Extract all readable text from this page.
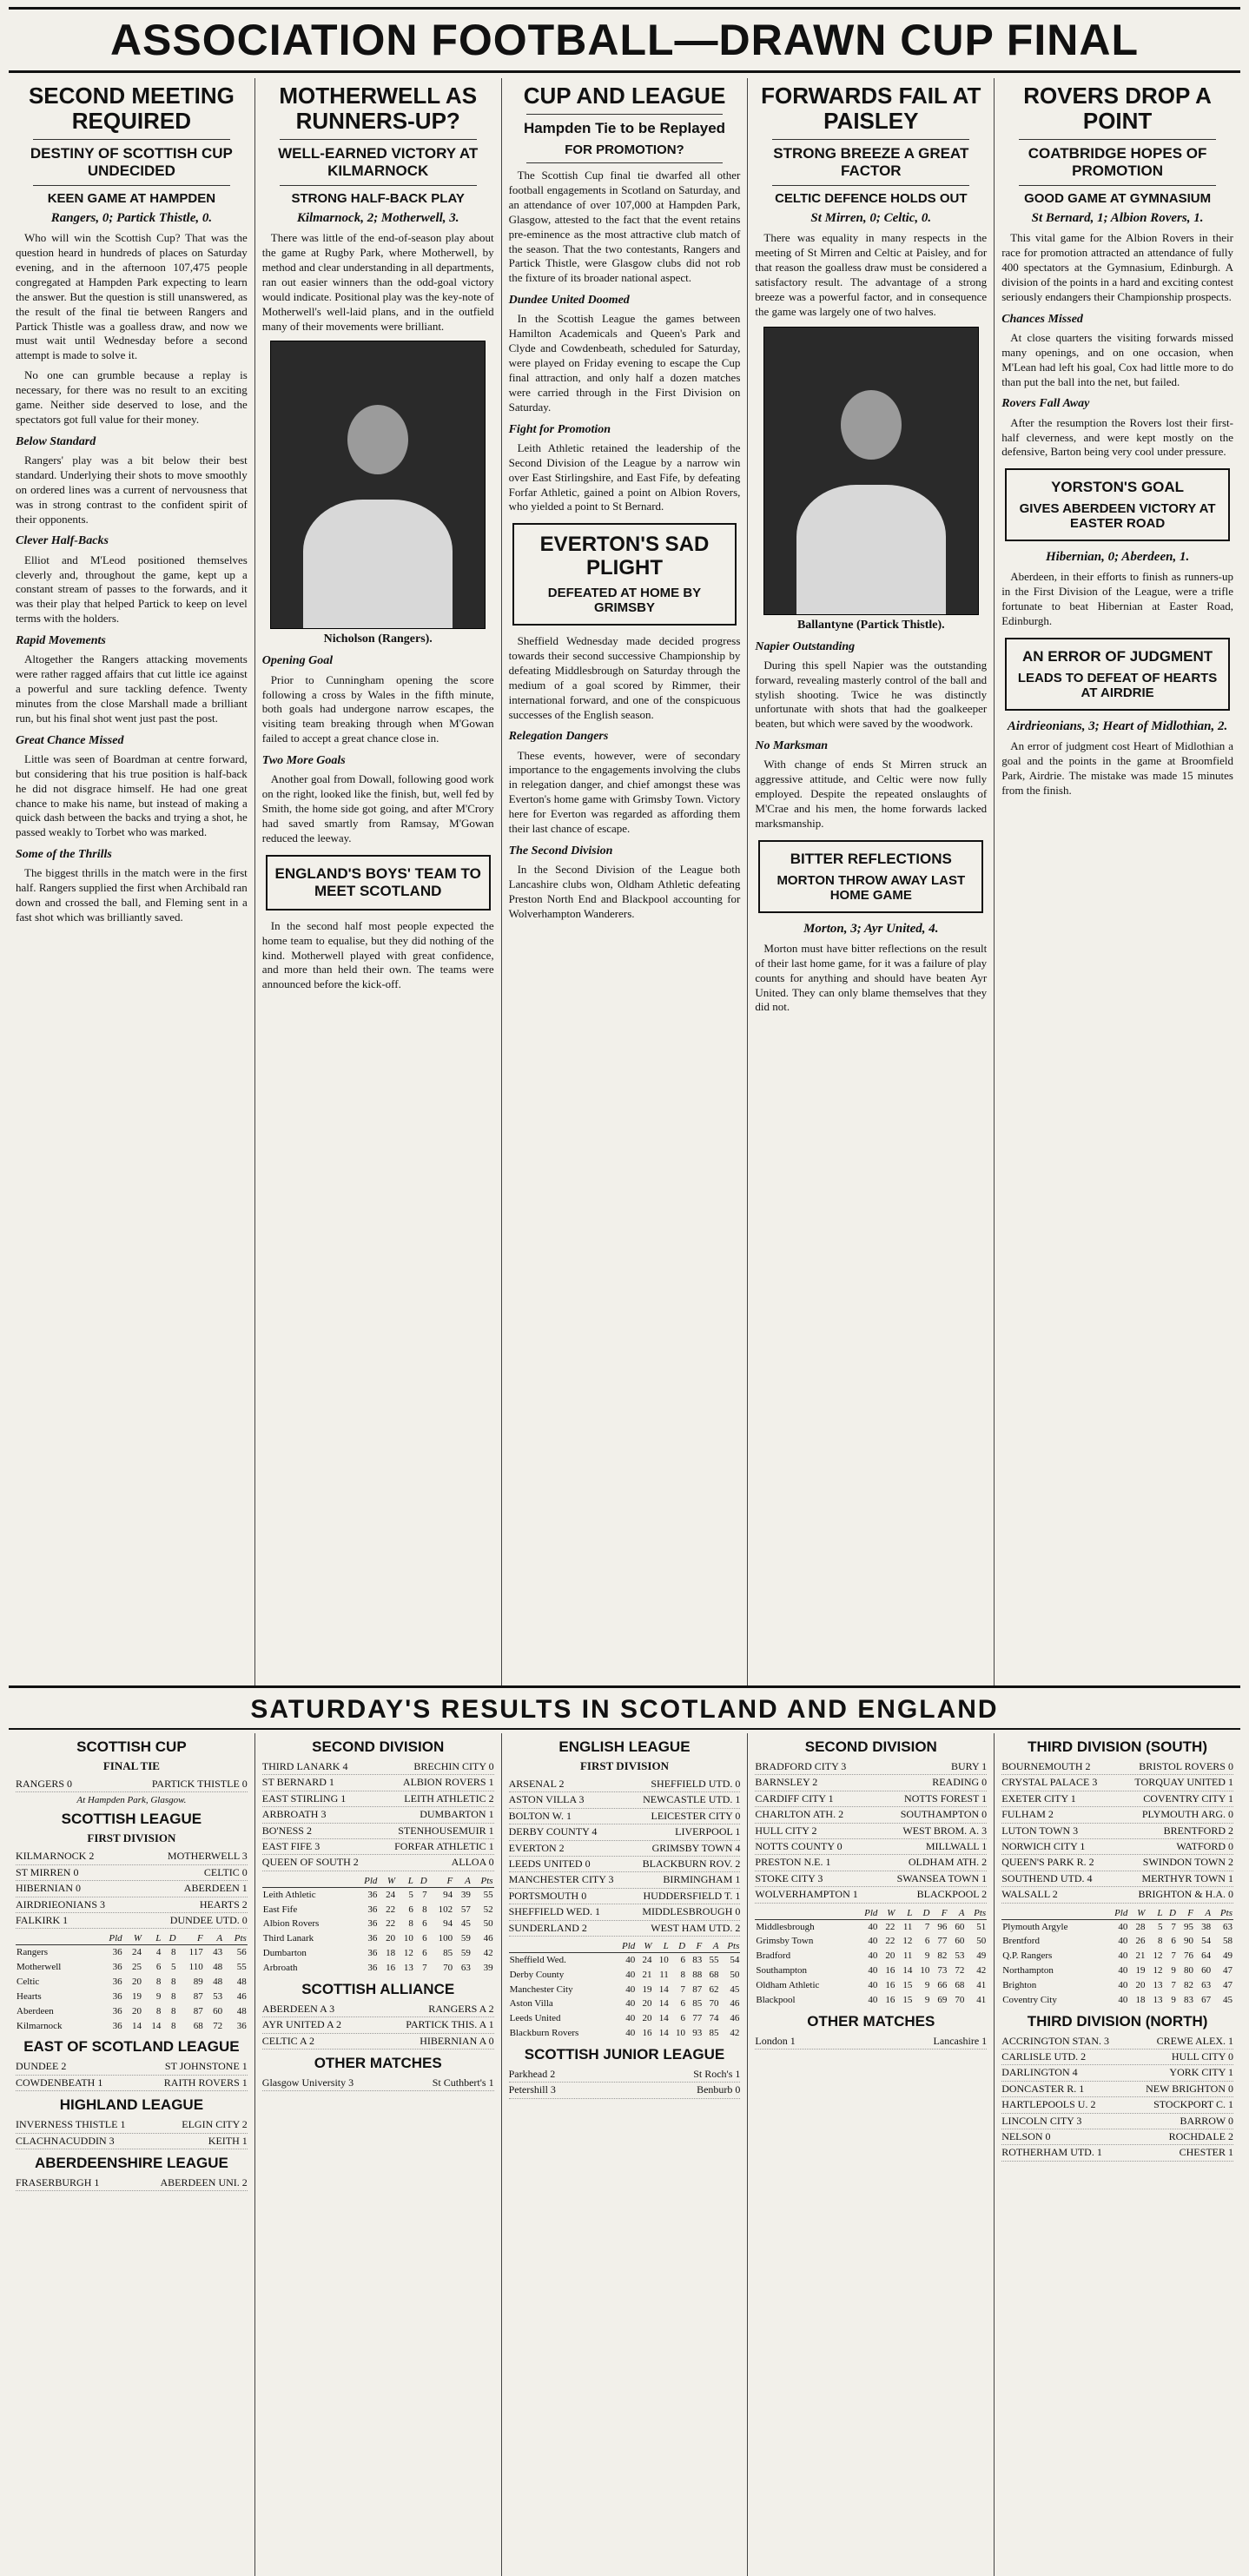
ASSOCIATION FOOTBALL—DRAWN CUP FINAL
SECOND MEETING REQUIRED
DESTINY OF SCOTTISH CUP UNDECIDED
KEEN GAME AT HAMPDEN
Rangers, 0; Partick Thistle, 0.

Who will win the Scottish Cup? That was the question heard in hundreds of places on Saturday evening, and in the afternoon 107,475 people congregated at Hampden Park expecting to learn the answer. But the question is still unanswered, as the result of the final tie between Rangers and Partick Thistle was a goalless draw, and now we must wait until Wednesday before a second attempt is made to solve it.

No one can grumble because a replay is necessary, for there was no result to an exciting game. Neither side deserved to lose, and the spectators got full value for their money.

Below Standard

Rangers' play was a bit below their best standard. Underlying their shots to move smoothly on ordered lines was a current of nervousness that was in strong contrast to the confident spirit of their opponents.

Clever Half-Backs

Elliot and M'Leod positioned themselves cleverly and, throughout the game, kept up a constant stream of passes to the forwards, and it was their play that helped Partick to keep on level terms with the holders.

Rapid Movements

Altogether the Rangers attacking movements were rather ragged affairs that cut little ice against a powerful and sure tackling defence. Twenty minutes from the close Marshall made a brilliant run, but his final shot went just past the post.

Great Chance Missed

Little was seen of Boardman at centre forward, but considering that his true position is half-back he did not disgrace himself. He had one great chance to make his name, but instead of making a quick dash between the backs and trying a shot, he passed weakly to Torbet who was marked.

Some of the Thrills

The biggest thrills in the match were in the first half. Rangers supplied the first when Archibald ran down and crossed the ball, and Fleming sent in a fast shot which was brilliantly saved.

MOTHERWELL AS RUNNERS-UP?
WELL-EARNED VICTORY AT KILMARNOCK
STRONG HALF-BACK PLAY
Kilmarnock, 2; Motherwell, 3.

There was little of the end-of-season play about the game at Rugby Park, where Motherwell, by method and clear understanding in all departments, ran out easier winners than the odd-goal victory would indicate. Positional play was the key-note of Motherwell's well-laid plans, and in the outfield many of their movements were brilliant.

Nicholson (Rangers).
Opening Goal

Prior to Cunningham opening the score following a cross by Wales in the fifth minute, both goals had undergone narrow escapes, the visiting team breaking through when M'Gowan failed to accept a great chance close in.

Two More Goals

Another goal from Dowall, following good work on the right, looked like the finish, but, well fed by Smith, the home side got going, and after M'Crory had saved smartly from Ramsay, M'Gowan reduced the leeway.

ENGLAND'S BOYS' TEAM TO MEET SCOTLAND

In the second half most people expected the home team to equalise, but they did nothing of the kind. Motherwell played with great confidence, and more than held their own. The teams were announced before the kick-off.

CUP AND LEAGUE
Hampden Tie to be Replayed
FOR PROMOTION?

The Scottish Cup final tie dwarfed all other football engagements in Scotland on Saturday, and an attendance of over 107,000 at Hampden Park, Glasgow, attested to the fact that the event retains pre-eminence as the most attractive club match of the season. That the two contestants, Rangers and Partick Thistle, were Glasgow clubs did not rob the fixture of its broader national aspect.

Dundee United Doomed

In the Scottish League the games between Hamilton Academicals and Queen's Park and Clyde and Cowdenbeath, scheduled for Saturday, were played on Friday evening to escape the Cup final attraction, and only half a dozen matches were carried through in the First Division on Saturday.

Fight for Promotion

Leith Athletic retained the leadership of the Second Division of the League by a narrow win over East Stirlingshire, and East Fife, by defeating Forfar Athletic, gained a point on Albion Rovers, who yielded a point to St Bernard.

EVERTON'S SAD PLIGHT
DEFEATED AT HOME BY GRIMSBY

Sheffield Wednesday made decided progress towards their second successive Championship by defeating Middlesbrough on Saturday through the medium of a goal scored by Rimmer, their international forward, and one of the conspicuous successes of the English season.

Relegation Dangers

These events, however, were of secondary importance to the engagements involving the clubs in relegation danger, and chief amongst these was Everton's home game with Grimsby Town. Victory here for Everton was regarded as affording them their last chance of escape.

The Second Division

In the Second Division of the League both Lancashire clubs won, Oldham Athletic defeating Preston North End and Blackpool accounting for Wolverhampton Wanderers.

FORWARDS FAIL AT PAISLEY
STRONG BREEZE A GREAT FACTOR
CELTIC DEFENCE HOLDS OUT
St Mirren, 0; Celtic, 0.

There was equality in many respects in the meeting of St Mirren and Celtic at Paisley, and for that reason the goalless draw must be considered a satisfactory result. The advantage of a strong breeze was a powerful factor, and in consequence the game was largely one of two halves.

Ballantyne (Partick Thistle).
Napier Outstanding

During this spell Napier was the outstanding forward, revealing masterly control of the ball and stylish shooting. Twice he was distinctly unfortunate with shots that had the goalkeeper beaten, but which were saved by the woodwork.

No Marksman

With change of ends St Mirren struck an aggressive attitude, and Celtic were now fully employed. Despite the repeated onslaughts of M'Crae and his men, the home forwards lacked marksmanship.

BITTER REFLECTIONS
MORTON THROW AWAY LAST HOME GAME
Morton, 3; Ayr United, 4.

Morton must have bitter reflections on the result of their last home game, for it was a failure of play counts for anything and should have beaten Ayr United. They can only blame themselves that they did not.

ROVERS DROP A POINT
COATBRIDGE HOPES OF PROMOTION
GOOD GAME AT GYMNASIUM
St Bernard, 1; Albion Rovers, 1.

This vital game for the Albion Rovers in their race for promotion attracted an attendance of fully 400 spectators at the Gymnasium, Edinburgh. A division of the points in a hard and exciting contest seriously endangers their Championship prospects.

Chances Missed

At close quarters the visiting forwards missed many openings, and on one occasion, when M'Lean had left his goal, Cox had little more to do than put the ball into the net, but failed.

Rovers Fall Away

After the resumption the Rovers lost their first-half cleverness, and were kept mostly on the defensive, Barton being very cool under pressure.

YORSTON'S GOAL
GIVES ABERDEEN VICTORY AT EASTER ROAD
Hibernian, 0; Aberdeen, 1.

Aberdeen, in their efforts to finish as runners-up in the First Division of the League, were a trifle fortunate to beat Hibernian at Easter Road, Edinburgh.

AN ERROR OF JUDGMENT
LEADS TO DEFEAT OF HEARTS AT AIRDRIE
Airdrieonians, 3; Heart of Midlothian, 2.

An error of judgment cost Heart of Midlothian a goal and the points in the game at Broomfield Park, Airdrie. The mistake was made 15 minutes from the finish.

SATURDAY'S RESULTS IN SCOTLAND AND ENGLAND
SCOTTISH CUP
FINAL TIE
RANGERS 0	PARTICK THISTLE 0
At Hampden Park, Glasgow.
SCOTTISH LEAGUE
FIRST DIVISION
KILMARNOCK 2	MOTHERWELL 3
ST MIRREN 0	CELTIC 0
HIBERNIAN 0	ABERDEEN 1
AIRDRIEONIANS 3	HEARTS 2
FALKIRK 1	DUNDEE UTD. 0
	Pld	W	L	D	F	A	Pts
Rangers	36	24	4	8	117	43	56
Motherwell	36	25	6	5	110	48	55
Celtic	36	20	8	8	89	48	48
Hearts	36	19	9	8	87	53	46
Aberdeen	36	20	8	8	87	60	48
Kilmarnock	36	14	14	8	68	72	36
EAST OF SCOTLAND LEAGUE
DUNDEE 2	ST JOHNSTONE 1
COWDENBEATH 1	RAITH ROVERS 1
HIGHLAND LEAGUE
INVERNESS THISTLE 1	ELGIN CITY 2
CLACHNACUDDIN 3	KEITH 1
ABERDEENSHIRE LEAGUE
FRASERBURGH 1	ABERDEEN UNI. 2
SECOND DIVISION
THIRD LANARK 4	BRECHIN CITY 0
ST BERNARD 1	ALBION ROVERS 1
EAST STIRLING 1	LEITH ATHLETIC 2
ARBROATH 3	DUMBARTON 1
BO'NESS 2	STENHOUSEMUIR 1
EAST FIFE 3	FORFAR ATHLETIC 1
QUEEN OF SOUTH 2	ALLOA 0
	Pld	W	L	D	F	A	Pts
Leith Athletic	36	24	5	7	94	39	55
East Fife	36	22	6	8	102	57	52
Albion Rovers	36	22	8	6	94	45	50
Third Lanark	36	20	10	6	100	59	46
Dumbarton	36	18	12	6	85	59	42
Arbroath	36	16	13	7	70	63	39
SCOTTISH ALLIANCE
ABERDEEN A 3	RANGERS A 2
AYR UNITED A 2	PARTICK THIS. A 1
CELTIC A 2	HIBERNIAN A 0
OTHER MATCHES
Glasgow University 3	St Cuthbert's 1
ENGLISH LEAGUE
FIRST DIVISION
ARSENAL 2	SHEFFIELD UTD. 0
ASTON VILLA 3	NEWCASTLE UTD. 1
BOLTON W. 1	LEICESTER CITY 0
DERBY COUNTY 4	LIVERPOOL 1
EVERTON 2	GRIMSBY TOWN 4
LEEDS UNITED 0	BLACKBURN ROV. 2
MANCHESTER CITY 3	BIRMINGHAM 1
PORTSMOUTH 0	HUDDERSFIELD T. 1
SHEFFIELD WED. 1	MIDDLESBROUGH 0
SUNDERLAND 2	WEST HAM UTD. 2
	Pld	W	L	D	F	A	Pts
Sheffield Wed.	40	24	10	6	83	55	54
Derby County	40	21	11	8	88	68	50
Manchester City	40	19	14	7	87	62	45
Aston Villa	40	20	14	6	85	70	46
Leeds United	40	20	14	6	77	74	46
Blackburn Rovers	40	16	14	10	93	85	42
SCOTTISH JUNIOR LEAGUE
Parkhead 2	St Roch's 1
Petershill 3	Benburb 0
SECOND DIVISION
BRADFORD CITY 3	BURY 1
BARNSLEY 2	READING 0
CARDIFF CITY 1	NOTTS FOREST 1
CHARLTON ATH. 2	SOUTHAMPTON 0
HULL CITY 2	WEST BROM. A. 3
NOTTS COUNTY 0	MILLWALL 1
PRESTON N.E. 1	OLDHAM ATH. 2
STOKE CITY 3	SWANSEA TOWN 1
WOLVERHAMPTON 1	BLACKPOOL 2
	Pld	W	L	D	F	A	Pts
Middlesbrough	40	22	11	7	96	60	51
Grimsby Town	40	22	12	6	77	60	50
Bradford	40	20	11	9	82	53	49
Southampton	40	16	14	10	73	72	42
Oldham Athletic	40	16	15	9	66	68	41
Blackpool	40	16	15	9	69	70	41
OTHER MATCHES
London 1	Lancashire 1
THIRD DIVISION (SOUTH)
BOURNEMOUTH 2	BRISTOL ROVERS 0
CRYSTAL PALACE 3	TORQUAY UNITED 1
EXETER CITY 1	COVENTRY CITY 1
FULHAM 2	PLYMOUTH ARG. 0
LUTON TOWN 3	BRENTFORD 2
NORWICH CITY 1	WATFORD 0
QUEEN'S PARK R. 2	SWINDON TOWN 2
SOUTHEND UTD. 4	MERTHYR TOWN 1
WALSALL 2	BRIGHTON & H.A. 0
	Pld	W	L	D	F	A	Pts
Plymouth Argyle	40	28	5	7	95	38	63
Brentford	40	26	8	6	90	54	58
Q.P. Rangers	40	21	12	7	76	64	49
Northampton	40	19	12	9	80	60	47
Brighton	40	20	13	7	82	63	47
Coventry City	40	18	13	9	83	67	45
THIRD DIVISION (NORTH)
ACCRINGTON STAN. 3	CREWE ALEX. 1
CARLISLE UTD. 2	HULL CITY 0
DARLINGTON 4	YORK CITY 1
DONCASTER R. 1	NEW BRIGHTON 0
HARTLEPOOLS U. 2	STOCKPORT C. 1
LINCOLN CITY 3	BARROW 0
NELSON 0	ROCHDALE 2
ROTHERHAM UTD. 1	CHESTER 1
